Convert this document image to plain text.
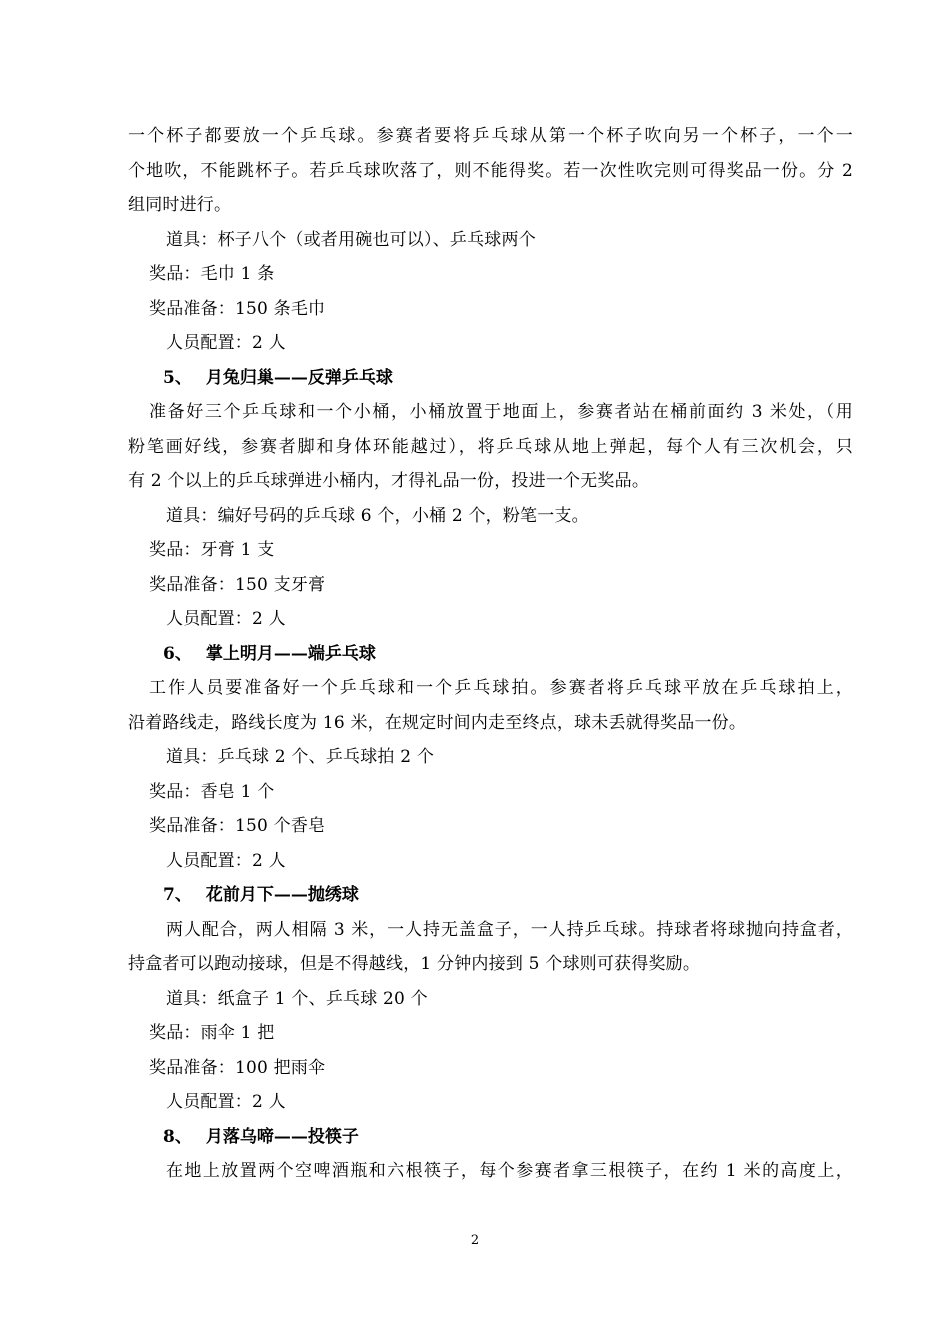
一个杯子都要放一个乒乓球。参赛者要将乒乓球从第一个杯子吹向另一个杯子，一个一
个地吹，不能跳杯子。若乒乓球吹落了，则不能得奖。若一次性吹完则可得奖品一份。分 2
组同时进行。
道具：杯子八个（或者用碗也可以）、乒乓球两个
奖品：毛巾 1 条
奖品准备：150 条毛巾
人员配置：2 人
5、 月兔归巢——反弹乒乓球
准备好三个乒乓球和一个小桶，小桶放置于地面上，参赛者站在桶前面约 3 米处，（用
粉笔画好线，参赛者脚和身体环能越过），将乒乓球从地上弹起，每个人有三次机会，只
有 2 个以上的乒乓球弹进小桶内，才得礼品一份，投进一个无奖品。
道具：编好号码的乒乓球 6 个，小桶 2 个，粉笔一支。
奖品：牙膏 1 支
奖品准备：150 支牙膏
人员配置：2 人
6、 掌上明月——端乒乓球
工作人员要准备好一个乒乓球和一个乒乓球拍。参赛者将乒乓球平放在乒乓球拍上，
沿着路线走，路线长度为 16 米，在规定时间内走至终点，球未丢就得奖品一份。
道具：乒乓球 2 个、乒乓球拍 2 个
奖品：香皂 1 个
奖品准备：150 个香皂
人员配置：2 人
7、 花前月下——抛绣球
两人配合，两人相隔 3 米，一人持无盖盒子，一人持乒乓球。持球者将球抛向持盒者，
持盒者可以跑动接球，但是不得越线，1 分钟内接到 5 个球则可获得奖励。
道具：纸盒子 1 个、乒乓球 20 个
奖品：雨伞 1 把
奖品准备：100 把雨伞
人员配置：2 人
8、 月落乌啼——投筷子
在地上放置两个空啤酒瓶和六根筷子，每个参赛者拿三根筷子，在约 1 米的高度上，
2
